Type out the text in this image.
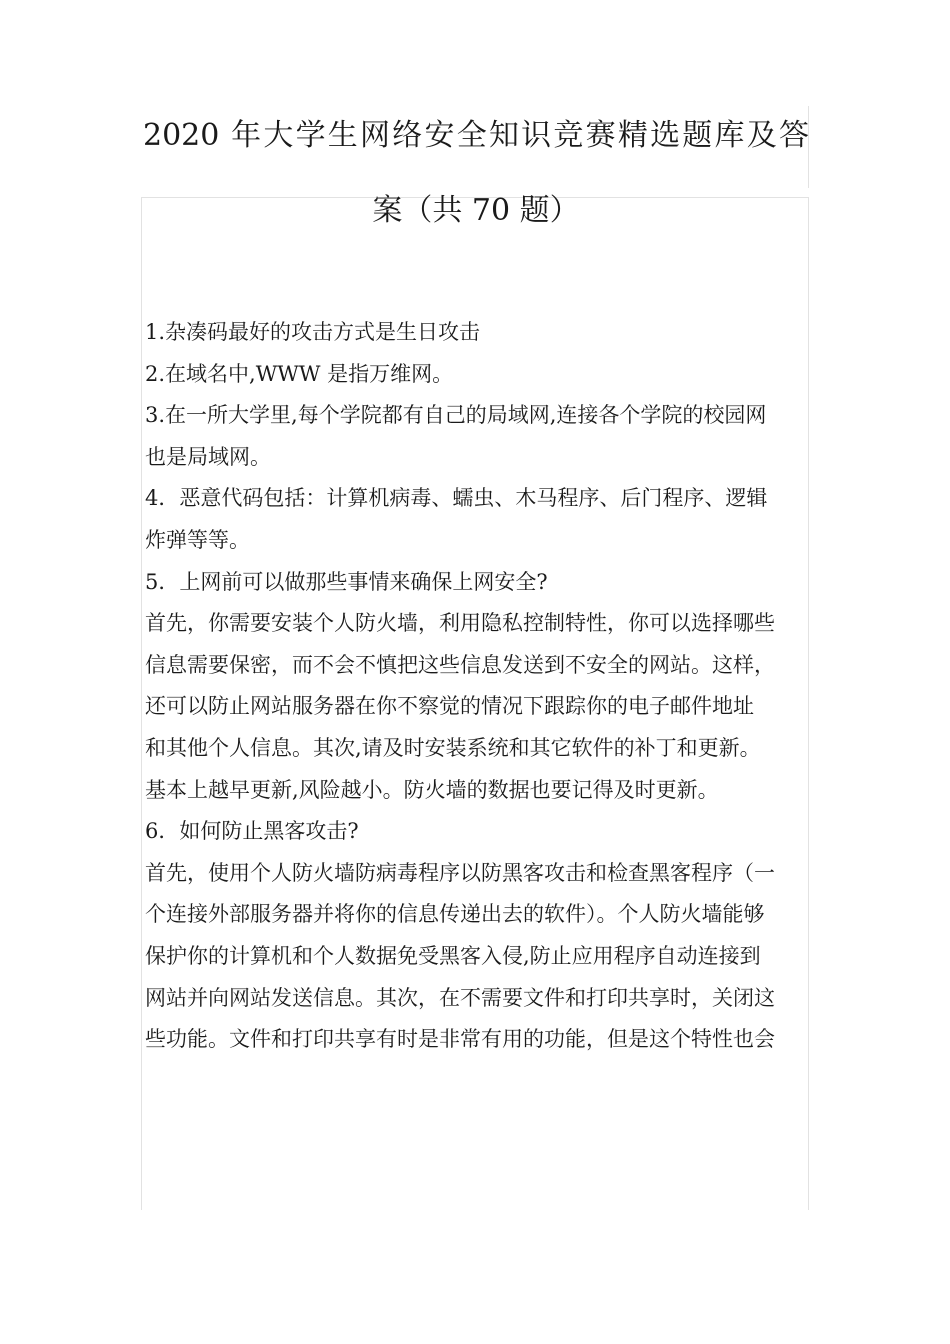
2020 年大学生网络安全知识竞赛精选题库及答
案（共 70 题）

1.杂凑码最好的攻击方式是生日攻击

2.在域名中,WWW 是指万维网。

3.在一所大学里,每个学院都有自己的局域网,连接各个学院的校园网

也是局域网。

4．恶意代码包括：计算机病毒、蠕虫、木马程序、后门程序、逻辑

炸弹等等。

5．上网前可以做那些事情来确保上网安全?

首先，你需要安装个人防火墙，利用隐私控制特性，你可以选择哪些

信息需要保密，而不会不慎把这些信息发送到不安全的网站。这样，

还可以防止网站服务器在你不察觉的情况下跟踪你的电子邮件地址

和其他个人信息。其次,请及时安装系统和其它软件的补丁和更新。

基本上越早更新,风险越小。防火墙的数据也要记得及时更新。

6．如何防止黑客攻击?

首先，使用个人防火墙防病毒程序以防黑客攻击和检查黑客程序（一

个连接外部服务器并将你的信息传递出去的软件）。个人防火墙能够

保护你的计算机和个人数据免受黑客入侵,防止应用程序自动连接到

网站并向网站发送信息。其次，在不需要文件和打印共享时，关闭这

些功能。文件和打印共享有时是非常有用的功能，但是这个特性也会
